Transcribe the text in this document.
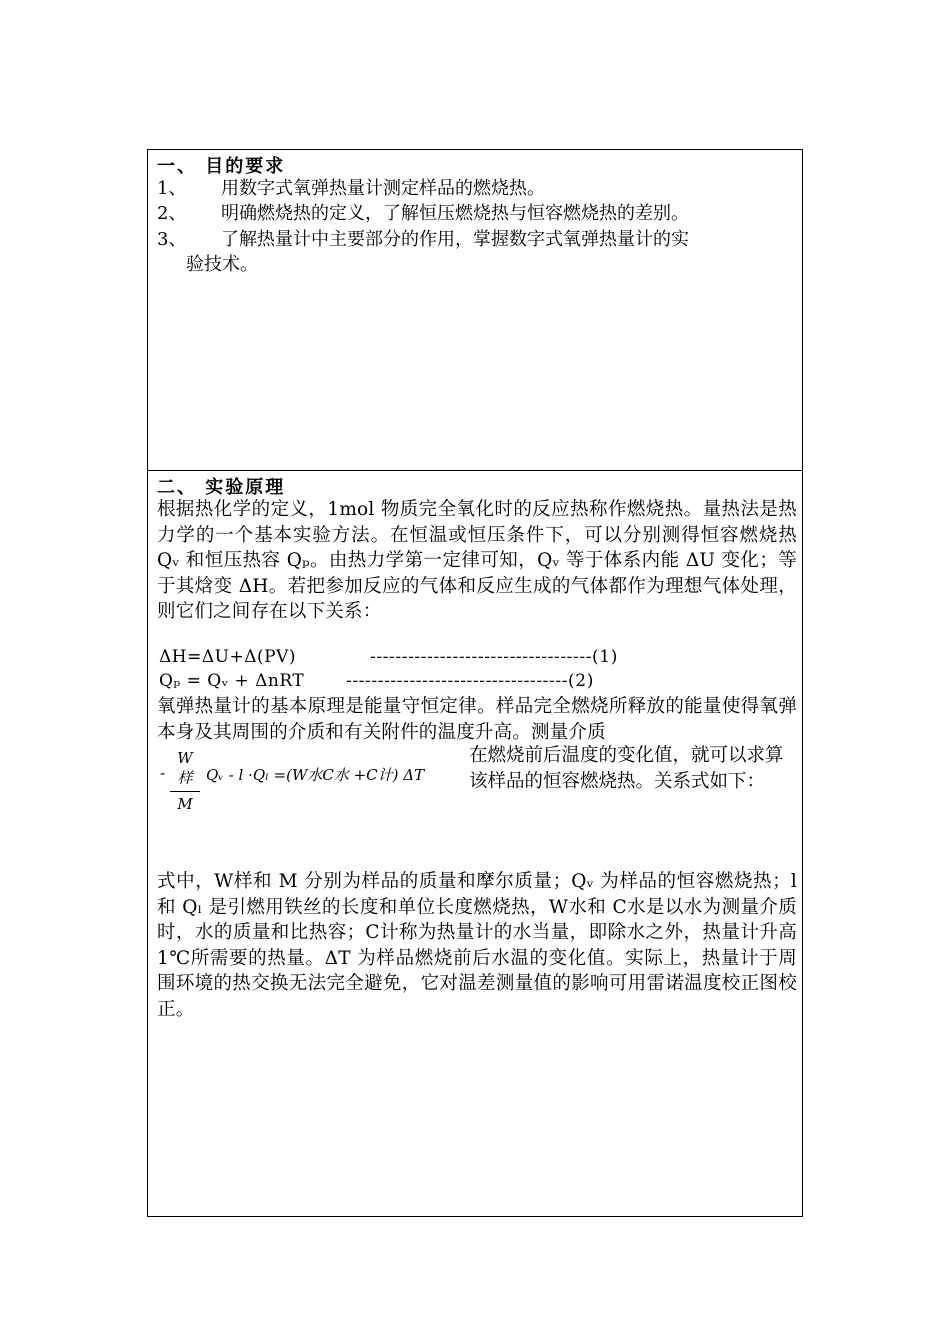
一、 目的要求
1、 用数字式氧弹热量计测定样品的燃烧热。
2、 明确燃烧热的定义，了解恒压燃烧热与恒容燃烧热的差别。
3、 了解热量计中主要部分的作用，掌握数字式氧弹热量计的实
验技术。
二、 实验原理
根据热化学的定义，1mol 物质完全氧化时的反应热称作燃烧热。量热法是热力学的一个基本实验方法。在恒温或恒压条件下，可以分别测得恒容燃烧热 Qᵥ 和恒压热容 Qₚ。由热力学第一定律可知，Qᵥ 等于体系内能 ΔU 变化；等于其焓变 ΔH。若把参加反应的气体和反应生成的气体都作为理想气体处理，则它们之间存在以下关系：
ΔH=ΔU+Δ(PV)	-----------------------------------(1)
Qₚ = Qᵥ + ΔnRT -----------------------------------(2)
氧弹热量计的基本原理是能量守恒定律。样品完全燃烧所释放的能量使得氧弹本身及其周围的介质和有关附件的温度升高。测量介质
-
W样
M
Qᵥ - l ·Qₗ =(W水C水 +C计) ΔT
在燃烧前后温度的变化值，就可以求算该样品的恒容燃烧热。关系式如下：
式中，W样和 M 分别为样品的质量和摩尔质量；Qᵥ 为样品的恒容燃烧热；l 和 Qₗ 是引燃用铁丝的长度和单位长度燃烧热，W水和 C水是以水为测量介质时，水的质量和比热容；C计称为热量计的水当量，即除水之外，热量计升高 1℃所需要的热量。ΔT 为样品燃烧前后水温的变化值。实际上，热量计于周围环境的热交换无法完全避免，它对温差测量值的影响可用雷诺温度校正图校正。
